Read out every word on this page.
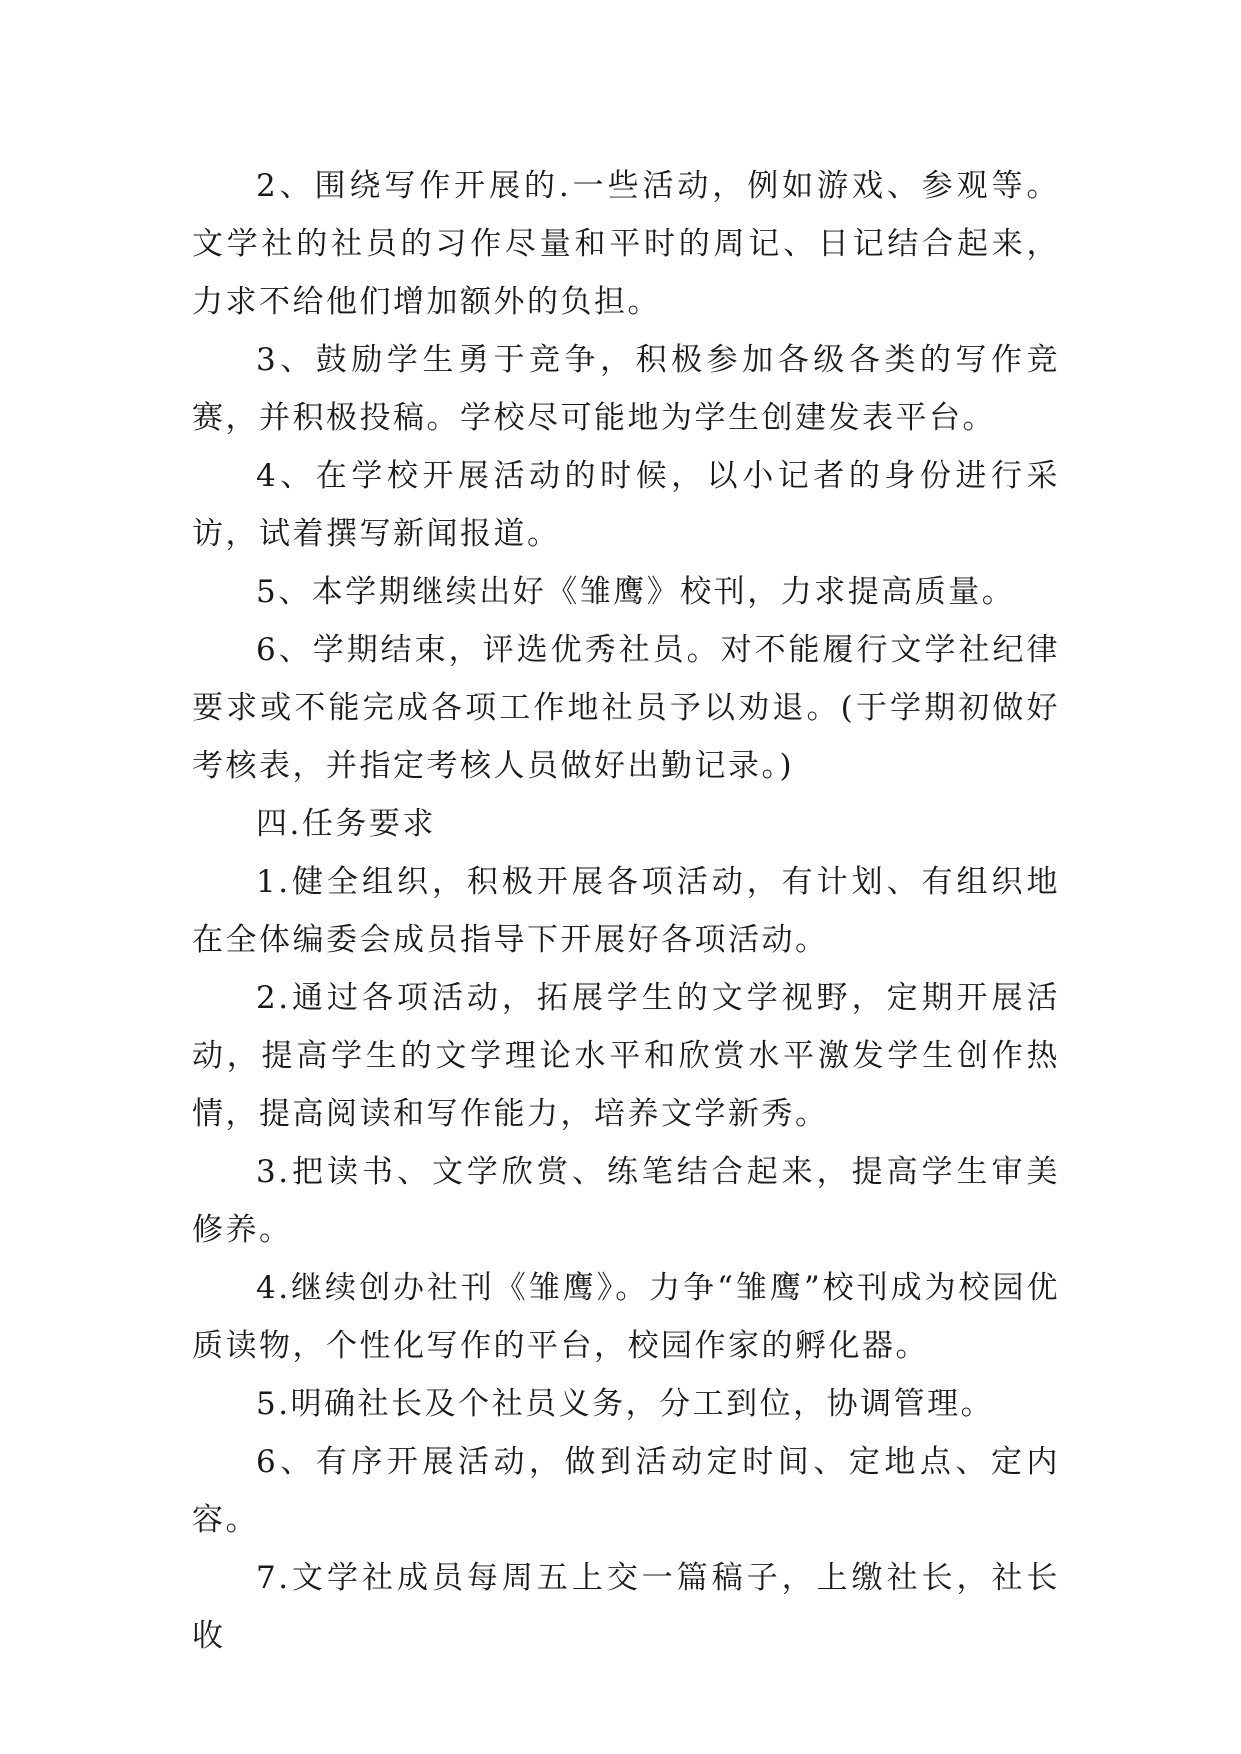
2、围绕写作开展的.一些活动，例如游戏、参观等。文学社的社员的习作尽量和平时的周记、日记结合起来，力求不给他们增加额外的负担。

3、鼓励学生勇于竞争，积极参加各级各类的写作竞赛，并积极投稿。学校尽可能地为学生创建发表平台。

4、在学校开展活动的时候，以小记者的身份进行采访，试着撰写新闻报道。

5、本学期继续出好《雏鹰》校刊，力求提高质量。

6、学期结束，评选优秀社员。对不能履行文学社纪律要求或不能完成各项工作地社员予以劝退。(于学期初做好考核表，并指定考核人员做好出勤记录。)

四.任务要求

1.健全组织，积极开展各项活动，有计划、有组织地在全体编委会成员指导下开展好各项活动。

2.通过各项活动，拓展学生的文学视野，定期开展活动，提高学生的文学理论水平和欣赏水平激发学生创作热情，提高阅读和写作能力，培养文学新秀。

3.把读书、文学欣赏、练笔结合起来，提高学生审美修养。

4.继续创办社刊《雏鹰》。力争“雏鹰”校刊成为校园优质读物，个性化写作的平台，校园作家的孵化器。

5.明确社长及个社员义务，分工到位，协调管理。

6、有序开展活动，做到活动定时间、定地点、定内容。

7.文学社成员每周五上交一篇稿子，上缴社长，社长收
